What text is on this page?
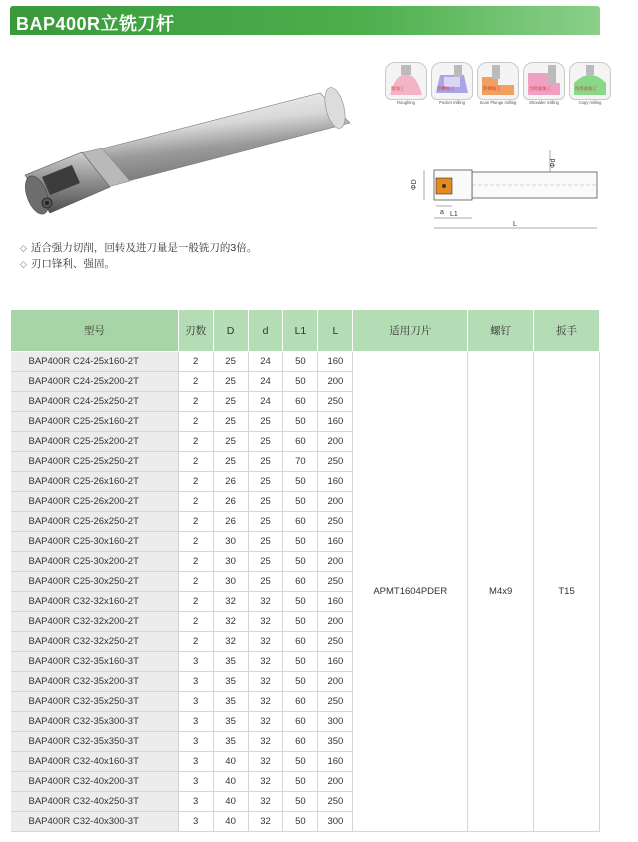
BAP400R立铣刀杆
粗加工
Roughing
挖槽加工
Pocket milling
阶梯加工
Scan Plunge milling
台阶面加工
Shoulder milling
仿形面加工
Copy milling
ΦD
Φd
a L1
L
◇ 适合强力切削，回转及进刀量是一般铣刀的3倍。
◇ 刃口锋利、强固。
型号	刃数	D	d	L1	L	适用刀片	螺钉	扳手
BAP400R C24-25x160-2T	2	25	24	50	160	APMT1604PDER	M4x9	T15
BAP400R C24-25x200-2T	2	25	24	50	200			
BAP400R C24-25x250-2T	2	25	24	60	250			
BAP400R C25-25x160-2T	2	25	25	50	160			
BAP400R C25-25x200-2T	2	25	25	60	200			
BAP400R C25-25x250-2T	2	25	25	70	250			
BAP400R C25-26x160-2T	2	26	25	50	160			
BAP400R C25-26x200-2T	2	26	25	50	200			
BAP400R C25-26x250-2T	2	26	25	60	250			
BAP400R C25-30x160-2T	2	30	25	50	160			
BAP400R C25-30x200-2T	2	30	25	50	200			
BAP400R C25-30x250-2T	2	30	25	60	250			
BAP400R C32-32x160-2T	2	32	32	50	160			
BAP400R C32-32x200-2T	2	32	32	50	200			
BAP400R C32-32x250-2T	2	32	32	60	250			
BAP400R C32-35x160-3T	3	35	32	50	160			
BAP400R C32-35x200-3T	3	35	32	50	200			
BAP400R C32-35x250-3T	3	35	32	60	250			
BAP400R C32-35x300-3T	3	35	32	60	300			
BAP400R C32-35x350-3T	3	35	32	60	350			
BAP400R C32-40x160-3T	3	40	32	50	160			
BAP400R C32-40x200-3T	3	40	32	50	200			
BAP400R C32-40x250-3T	3	40	32	50	250			
BAP400R C32-40x300-3T	3	40	32	50	300			
